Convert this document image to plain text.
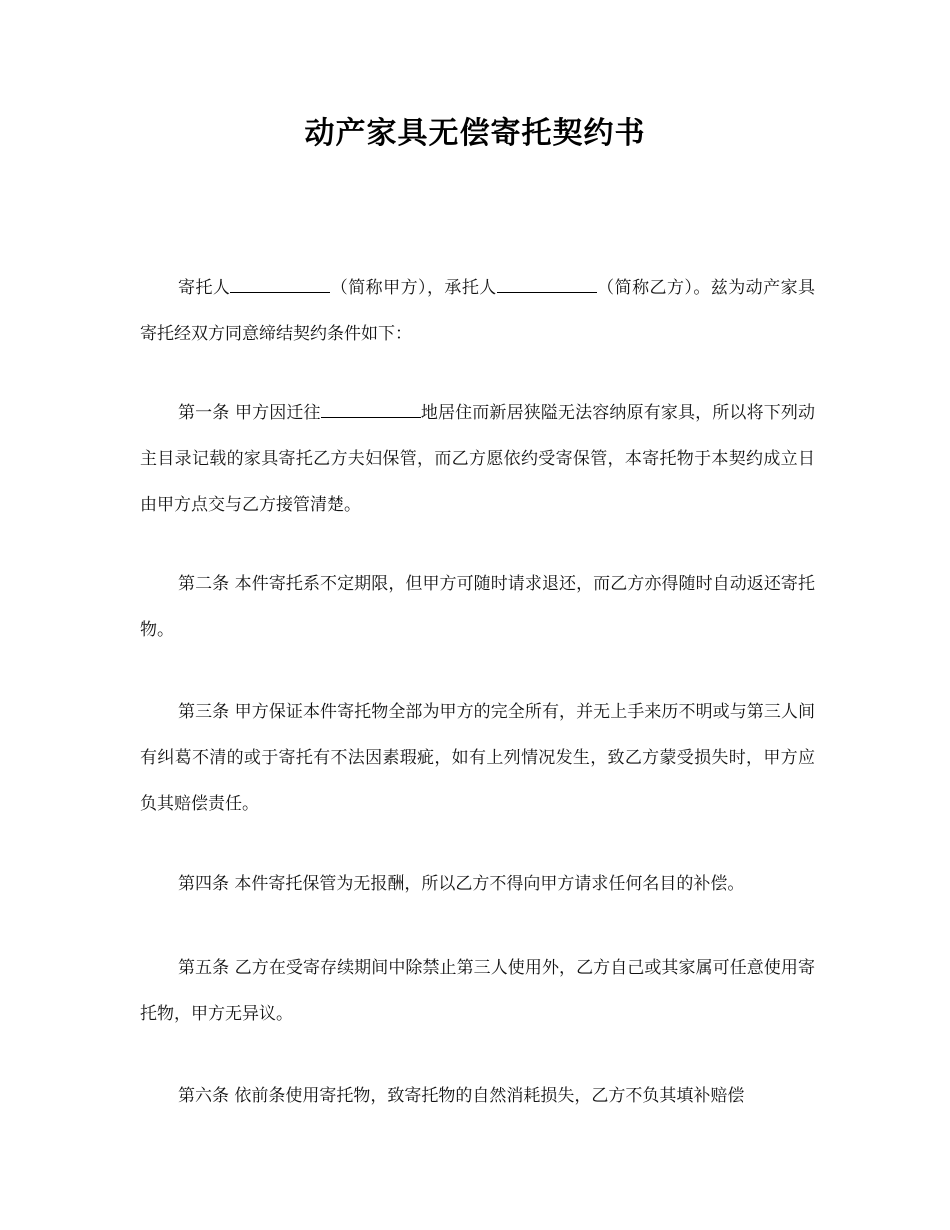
动产家具无偿寄托契约书

寄托人	（简称甲方），承托人	（简称乙方）。兹为动产家具寄托经双方同意缔结契约条件如下：

第一条 甲方因迁往	地居住而新居狭隘无法容纳原有家具，所以将下列动主目录记载的家具寄托乙方夫妇保管，而乙方愿依约受寄保管，本寄托物于本契约成立日由甲方点交与乙方接管清楚。

第二条 本件寄托系不定期限，但甲方可随时请求退还，而乙方亦得随时自动返还寄托物。

第三条 甲方保证本件寄托物全部为甲方的完全所有，并无上手来历不明或与第三人间有纠葛不清的或于寄托有不法因素瑕疵，如有上列情况发生，致乙方蒙受损失时，甲方应负其赔偿责任。

第四条 本件寄托保管为无报酬，所以乙方不得向甲方请求任何名目的补偿。

第五条 乙方在受寄存续期间中除禁止第三人使用外，乙方自己或其家属可任意使用寄托物，甲方无异议。

第六条 依前条使用寄托物，致寄托物的自然消耗损失，乙方不负其填补赔偿
